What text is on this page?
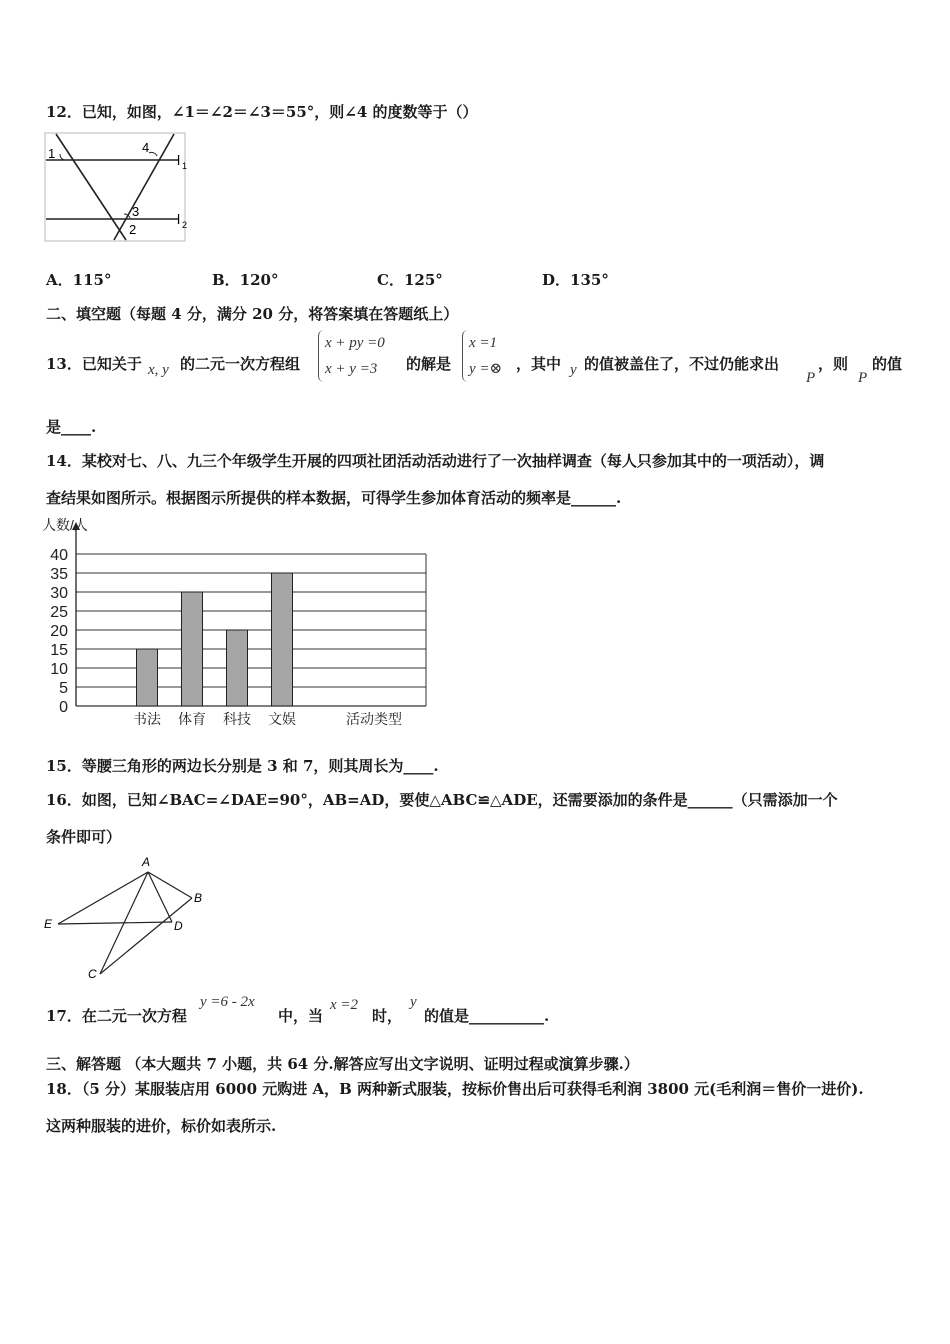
12．已知，如图，∠1＝∠2＝∠3＝55°，则∠4 的度数等于（）
1	4
l 1
3	l 2
2
A．115°	B．120°	C．125°	D．135°
二、填空题（每题 4 分，满分 20 分，将答案填在答题纸上）
13．已知关于 x, y 的二元一次方程组
x + py =0
x + y =3	的解是
x =1
y =⊗ ，其中 y 的值被盖住了，不过仍能求出
P
，则
P
的值
是____.
14．某校对七、八、九三个年级学生开展的四项社团活动活动进行了一次抽样调查（每人只参加其中的一项活动），调
查结果如图所示。根据图示所提供的样本数据，可得学生参加体育活动的频率是______.
40
35
30
25
20
15
10
5
0
书法 体育 科技 文娱
人数/人
活动类型
15．等腰三角形的两边长分别是 3 和 7，则其周长为____.
16．如图，已知∠BAC=∠DAE=90°，AB=AD，要使△ABC≌△ADE，还需要添加的条件是______（只需添加一个
条件即可）
A
B
E	D
C
17．在二元一次方程
y =6 - 2x
中，当
x =2
时，
y
的值是__________.
三、解答题 （本大题共 7 小题，共 64 分.解答应写出文字说明、证明过程或演算步骤.）
18．（5 分）某服装店用 6000 元购进 A，B 两种新式服装，按标价售出后可获得毛利润 3800 元(毛利润＝售价一进价).
这两种服装的进价，标价如表所示.
